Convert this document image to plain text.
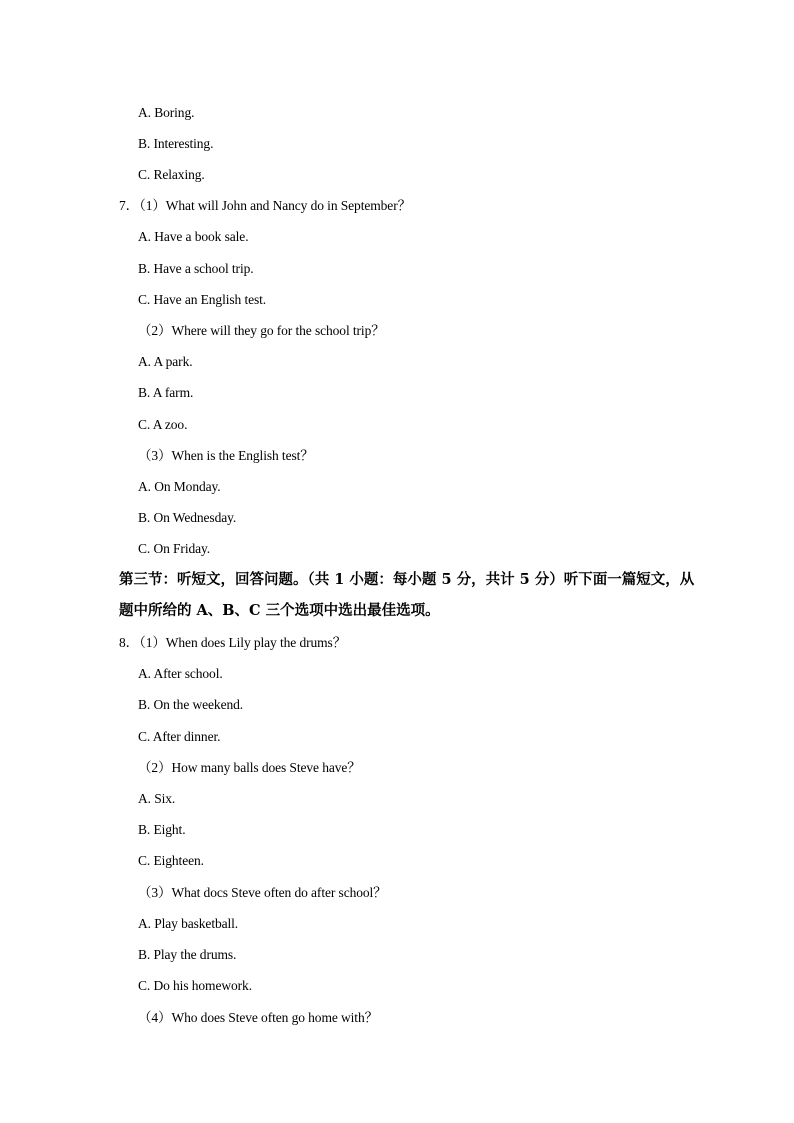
A. Boring.
B. Interesting.
C. Relaxing.
7．（1）What will John and Nancy do in September？
A. Have a book sale.
B. Have a school trip.
C. Have an English test.
（2）Where will they go for the school trip？
A. A park.
B. A farm.
C. A zoo.
（3）When is the English test？
A. On Monday.
B. On Wednesday.
C. On Friday.
第三节：听短文，回答问题。（共 1 小题：每小题 5 分，共计 5 分）听下面一篇短文，从
题中所给的 A、B、C 三个选项中选出最佳选项。
8．（1）When does Lily play the drums？
A. After school.
B. On the weekend.
C. After dinner.
（2）How many balls does Steve have？
A. Six.
B. Eight.
C. Eighteen.
（3）What docs Steve often do after school？
A. Play basketball.
B. Play the drums.
C. Do his homework.
（4）Who does Steve often go home with？
